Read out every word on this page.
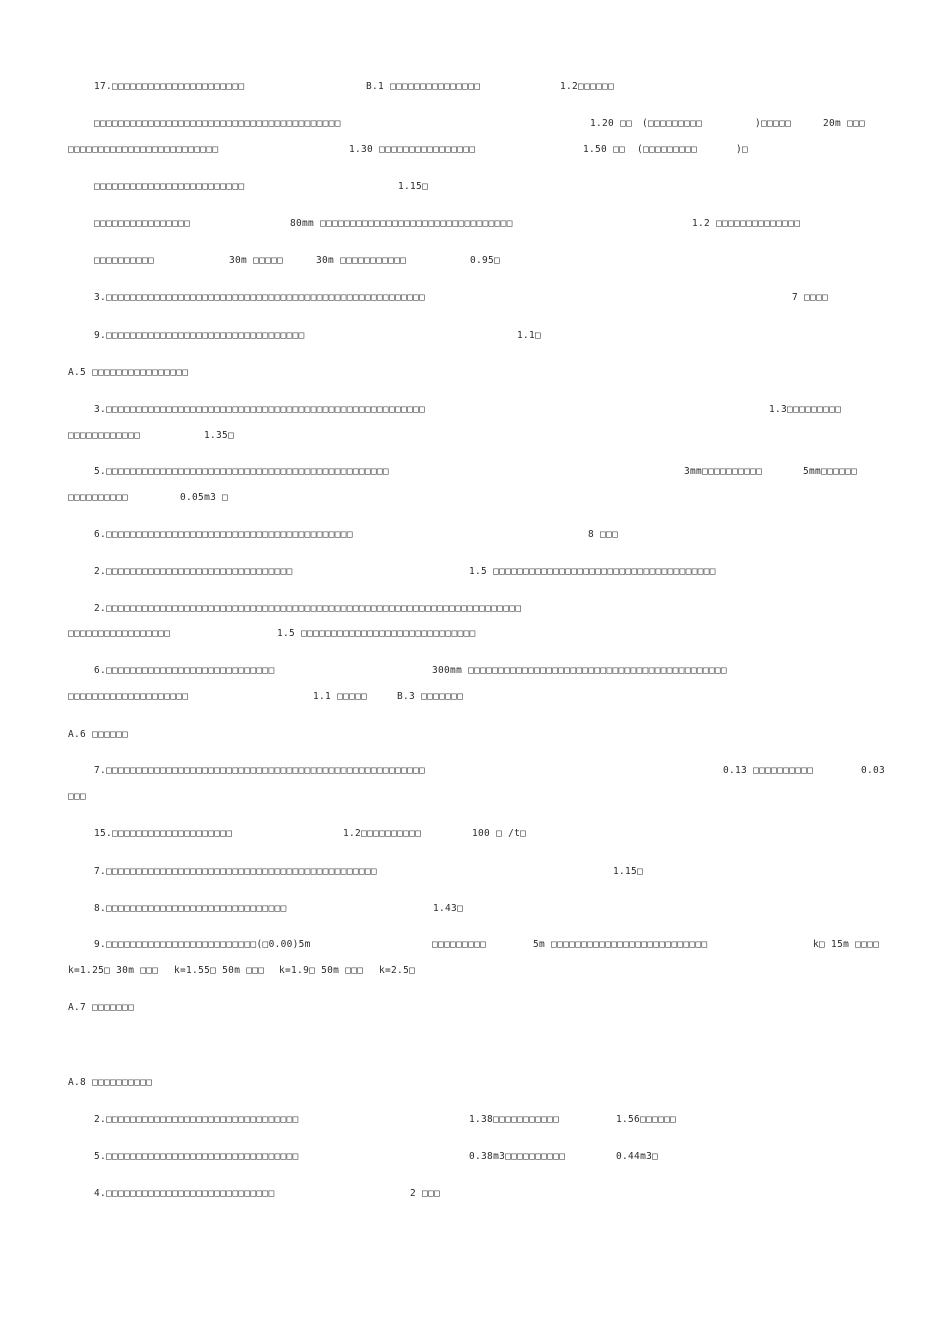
17.□□□□□□□□□□□□□□□□□□□□□□	B.1 □□□□□□□□□□□□□□□	1.2□□□□□□
□□□□□□□□□□□□□□□□□□□□□□□□□□□□□□□□□□□□□□□□□	1.20 □□ (□□□□□□□□□	)□□□□□	20m □□□
□□□□□□□□□□□□□□□□□□□□□□□□□	1.30 □□□□□□□□□□□□□□□□	1.50 □□ (□□□□□□□□□	)□
□□□□□□□□□□□□□□□□□□□□□□□□□	1.15□
□□□□□□□□□□□□□□□□	80mm □□□□□□□□□□□□□□□□□□□□□□□□□□□□□□□□	1.2 □□□□□□□□□□□□□□
□□□□□□□□□□	30m □□□□□	30m □□□□□□□□□□□	0.95□
3.□□□□□□□□□□□□□□□□□□□□□□□□□□□□□□□□□□□□□□□□□□□□□□□□□□□□□	7 □□□□
9.□□□□□□□□□□□□□□□□□□□□□□□□□□□□□□□□□	1.1□
A.5 □□□□□□□□□□□□□□□□
3.□□□□□□□□□□□□□□□□□□□□□□□□□□□□□□□□□□□□□□□□□□□□□□□□□□□□□	1.3□□□□□□□□□
□□□□□□□□□□□□	1.35□
5.□□□□□□□□□□□□□□□□□□□□□□□□□□□□□□□□□□□□□□□□□□□□□□□	3mm□□□□□□□□□□	5mm□□□□□□
□□□□□□□□□□	0.05m3 □
6.□□□□□□□□□□□□□□□□□□□□□□□□□□□□□□□□□□□□□□□□□	8 □□□
2.□□□□□□□□□□□□□□□□□□□□□□□□□□□□□□□	1.5 □□□□□□□□□□□□□□□□□□□□□□□□□□□□□□□□□□□□□
2.□□□□□□□□□□□□□□□□□□□□□□□□□□□□□□□□□□□□□□□□□□□□□□□□□□□□□□□□□□□□□□□□□□□□□
□□□□□□□□□□□□□□□□□	1.5 □□□□□□□□□□□□□□□□□□□□□□□□□□□□□
6.□□□□□□□□□□□□□□□□□□□□□□□□□□□□	300mm □□□□□□□□□□□□□□□□□□□□□□□□□□□□□□□□□□□□□□□□□□□
□□□□□□□□□□□□□□□□□□□□	1.1 □□□□□	B.3 □□□□□□□
A.6 □□□□□□
7.□□□□□□□□□□□□□□□□□□□□□□□□□□□□□□□□□□□□□□□□□□□□□□□□□□□□□	0.13 □□□□□□□□□□	0.03
□□□
15.□□□□□□□□□□□□□□□□□□□□	1.2□□□□□□□□□□	100 □ /t□
7.□□□□□□□□□□□□□□□□□□□□□□□□□□□□□□□□□□□□□□□□□□□□□	1.15□
8.□□□□□□□□□□□□□□□□□□□□□□□□□□□□□□	1.43□
9.□□□□□□□□□□□□□□□□□□□□□□□□□(□0.00)5m	□□□□□□□□□	5m □□□□□□□□□□□□□□□□□□□□□□□□□□	k□ 15m □□□□
k=1.25□ 30m □□□ k=1.55□ 50m □□□ k=1.9□ 50m □□□ k=2.5□
A.7 □□□□□□□
A.8 □□□□□□□□□□
2.□□□□□□□□□□□□□□□□□□□□□□□□□□□□□□□□	1.38□□□□□□□□□□□	1.56□□□□□□
5.□□□□□□□□□□□□□□□□□□□□□□□□□□□□□□□□	0.38m3□□□□□□□□□□	0.44m3□
4.□□□□□□□□□□□□□□□□□□□□□□□□□□□□	2 □□□
